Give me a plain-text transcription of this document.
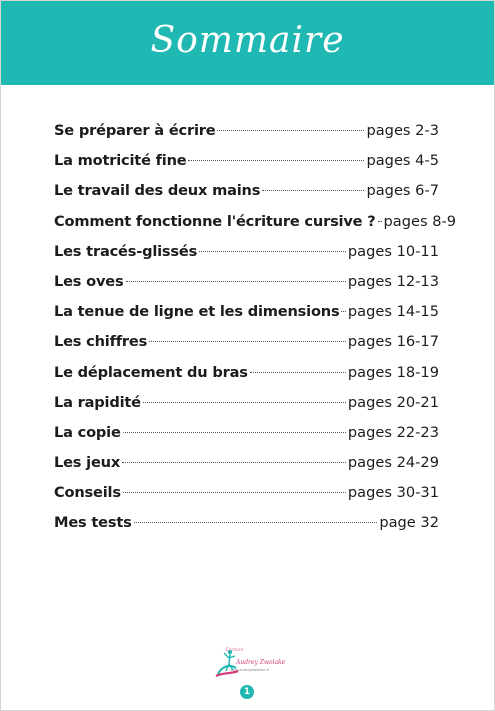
Sommaire
Se préparer à écrire	pages 2-3
La motricité fine	pages 4-5
Le travail des deux mains	pages 6-7
Comment fonctionne l'écriture cursive ? pages 8-9
Les tracés-glissés	pages 10-11
Les oves	pages 12-13
La tenue de ligne et les dimensions pages 14-15
Les chiffres	pages 16-17
Le déplacement du bras	pages 18-19
La rapidité	pages 20-21
La copie	pages 22-23
Les jeux	pages 24-29
Conseils	pages 30-31
Mes tests	page 32
Écriture
Audrey Zwolake
www.audreyzwolake.fr
1
